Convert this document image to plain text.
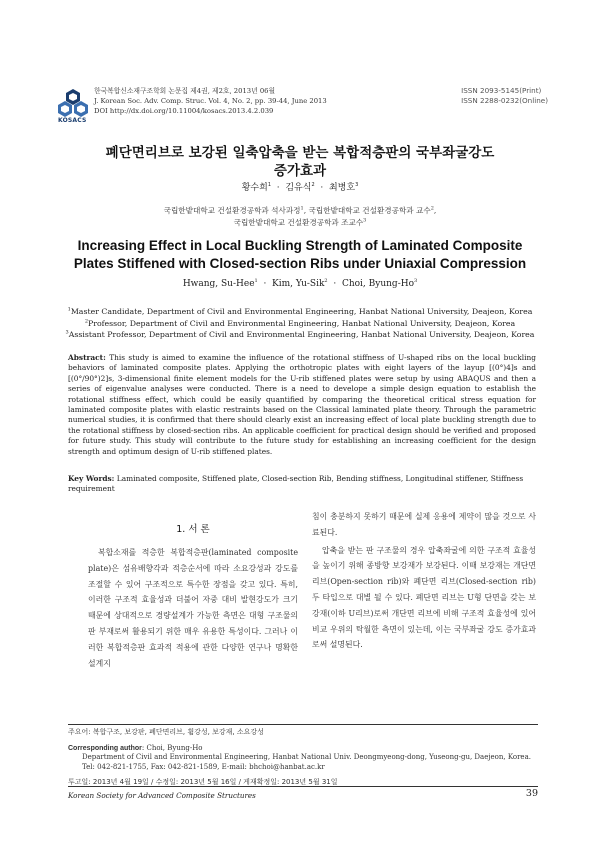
KOSACS
한국복합신소재구조학회 논문집 제4권, 제2호, 2013년 06월
J. Korean Soc. Adv. Comp. Struc. Vol. 4, No. 2, pp. 39-44, June 2013
DOI http://dx.doi.org/10.11004/kosacs.2013.4.2.039
ISSN 2093-5145(Print)
ISSN 2288-0232(Online)
폐단면리브로 보강된 일축압축을 받는 복합적층판의 국부좌굴강도
증가효과
황수희$^1$ · 김유식$^2$ · 최병호$^3$
국립한밭대학교 건설환경공학과 석사과정$^1$, 국립한밭대학교 건설환경공학과 교수$^2$,
국립한밭대학교 건설환경공학과 조교수$^3$
Increasing Effect in Local Buckling Strength of Laminated Composite
Plates Stiffened with Closed-section Ribs under Uniaxial Compression
Hwang, Su-Hee$^1$ · Kim, Yu-Sik$^2$ · Choi, Byung-Ho$^3$
$^1$Master Candidate, Department of Civil and Environmental Engineering, Hanbat National University, Deajeon, Korea
$^2$Professor, Department of Civil and Environmental Engineering, Hanbat National University, Deajeon, Korea
$^3$Assistant Professor, Department of Civil and Environmental Engineering, Hanbat National University, Deajeon, Korea
Abstract: This study is aimed to examine the influence of the rotational stiffness of U-shaped ribs on the local buckling behaviors of laminated composite plates. Applying the orthotropic plates with eight layers of the layup [(0°)4]s and [(0°/90°)2]s, 3-dimensional finite element models for the U-rib stiffened plates were setup by using ABAQUS and then a series of eigenvalue analyses were conducted. There is a need to develope a simple design equation to establish the rotational stiffness effect, which could be easily quantified by comparing the theoretical critical stress equation for laminated composite plates with elastic restraints based on the Classical laminated plate theory. Through the parametric numerical studies, it is confirmed that there should clearly exist an increasing effect of local plate buckling strength due to the rotational stiffness by closed-section ribs. An applicable coefficient for practical design should be verified and proposed for future study. This study will contribute to the future study for establishing an increasing coefficient for the design strength and optimum design of U-rib stiffened plates.
Key Words: Laminated composite, Stiffened plate, Closed-section Rib, Bending stiffness, Longitudinal stiffener, Stiffness requirement
1. 서 론

복합소재를 적층한 복합적층판(laminated composite plate)은 섬유배향각과 적층순서에 따라 소요강성과 강도를 조절할 수 있어 구조적으로 특수한 장점을 갖고 있다. 특히, 이러한 구조적 효율성과 더불어 자중 대비 발현강도가 크기 때문에 상대적으로 경량설계가 가능한 측면은 대형 구조물의 판 부재로써 활용되기 위한 매우 유용한 특성이다. 그러나 이러한 복합적층판 효과적 적용에 관한 다양한 연구나 명확한 설계지

침이 충분하지 못하기 때문에 실제 응용에 제약이 많을 것으로 사료된다.

압축을 받는 판 구조물의 경우 압축좌굴에 의한 구조적 효율성을 높이기 위해 종방향 보강재가 보강된다. 이때 보강재는 개단면 리브(Open-section rib)와 폐단면 리브(Closed-section rib) 두 타입으로 대별 될 수 있다. 폐단면 리브는 U형 단면을 갖는 보강재(이하 U리브)로써 개단면 리브에 비해 구조적 효율성에 있어 비교 우위의 탁월한 측면이 있는데, 이는 국부좌굴 강도 증가효과로써 설명된다.

주요어: 복합구조, 보강판, 폐단면리브, 휨강성, 보강재, 소요강성
Corresponding author: Choi, Byung-Ho
Department of Civil and Environmental Engineering, Hanbat National Univ. Deongmyeong-dong, Yuseong-gu, Daejeon, Korea.
Tel: 042-821-1755, Fax: 042-821-1589, E-mail: bhchoi@hanbat.ac.kr
투고일: 2013년 4월 19일 / 수정일: 2013년 5월 16일 / 게재확정일: 2013년 5월 31일
Korean Society for Advanced Composite Structures	39
